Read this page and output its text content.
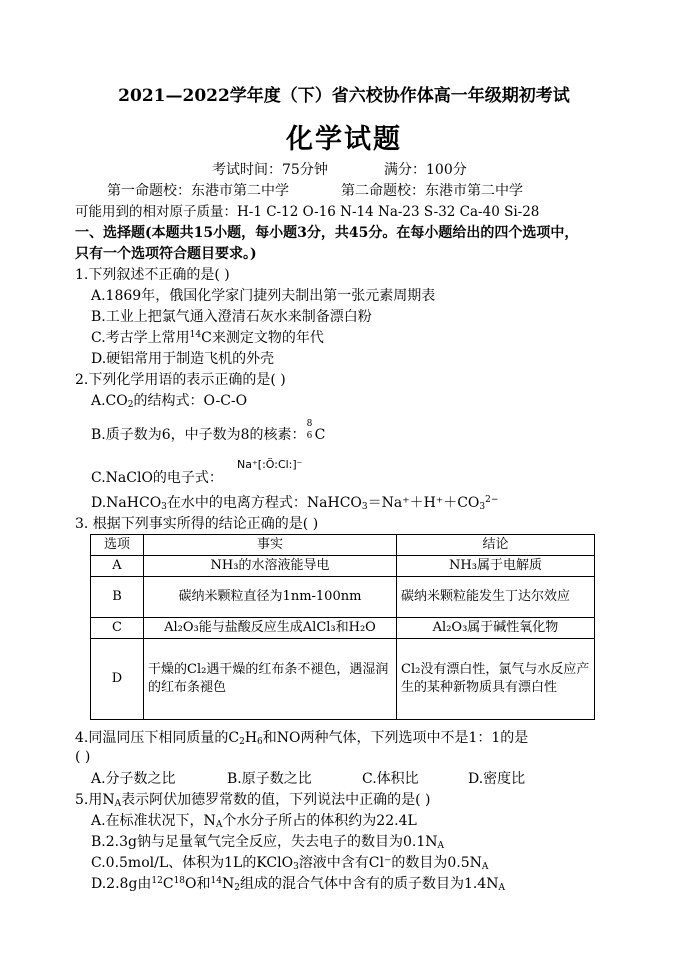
2021—2022学年度（下）省六校协作体高一年级期初考试
化学试题
考试时间：75分钟	满分：100分
第一命题校：东港市第二中学	第二命题校：东港市第二中学
可能用到的相对原子质量：H-1 C-12 O-16 N-14 Na-23 S-32 Ca-40 Si-28
一、选择题(本题共15小题，每小题3分，共45分。在每小题给出的四个选项中，
只有一个选项符合题目要求。)
1.下列叙述不正确的是( )
A.1869年，俄国化学家门捷列夫制出第一张元素周期表
B.工业上把氯气通入澄清石灰水来制备漂白粉
C.考古学上常用$^{14}$C来测定文物的年代
D.硬铝常用于制造飞机的外壳
2.下列化学用语的表示正确的是( )
$A.CO_2$的结构式：O-C-O
B.质子数为6，中子数为8的核素：
8
6 C
C.NaClO的电子式：
Na⁺[:Ö:Cl:]⁻
D.NaHCO$_3$在水中的电离方程式：$NaHCO_3=Na^++H^++CO_3^{2-}$
3. 根据下列事实所得的结论正确的是( )
选项	事实	结论
A	NH₃的水溶液能导电	NH₃属于电解质
B	碳纳米颗粒直径为1nm-100nm	碳纳米颗粒能发生丁达尔效应
C	Al₂O₃能与盐酸反应生成AlCl₃和H₂O	Al₂O₃属于碱性氧化物
D	干燥的Cl₂遇干燥的红布条不褪色，遇湿润的红布条褪色	Cl₂没有漂白性，氯气与水反应产生的某种新物质具有漂白性
4.同温同压下相同质量的$C_2H_6$和NO两种气体，下列选项中不是1：1的是
( )
A.分子数之比	B.原子数之比	C.体积比	D.密度比
5.用$N_A$表示阿伏加德罗常数的值，下列说法中正确的是( )
A.在标准状况下，$N_A$个水分子所占的体积约为22.4L
B.2.3g钠与足量氧气完全反应，失去电子的数目为$0.1N_A$
C.0.5mol/L、体积为1L的KClO$_3$溶液中含有Cl⁻的数目为$0.5N_A$
D.2.8g由$^{12}C^{18}O$和$^{14}N_2$组成的混合气体中含有的质子数目为$1.4N_A$
